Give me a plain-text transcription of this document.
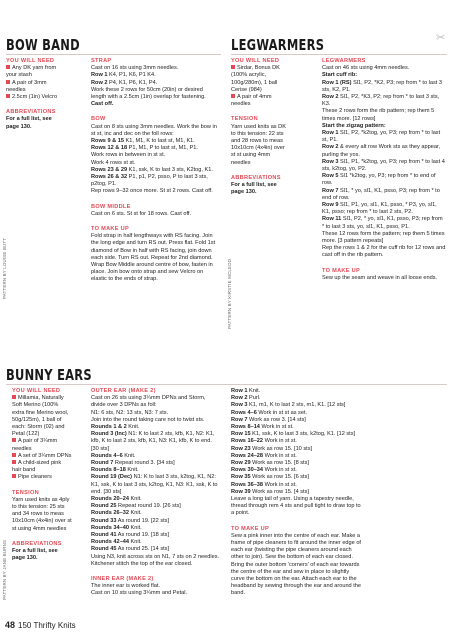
BOW BAND

YOU WILL NEED

Any DK yarn from your stash

A pair of 3mm needles

2.5cm (1in) Velcro

ABBREVIATIONS

For a full list, see page 130.

STRAP

Cast on 16 sts using 3mm needles.

Row 1 K4, P1, K6, P1 K4.

Row 2 P4, K1, P6, K1, P4.

Work these 2 rows for 50cm (20in) or desired length with a 2.5cm (1in) overlap for fastening.

Cast off.

BOW

Cast on 8 sts using 3mm needles. Work the bow in st st, inc and dec on the foll rows:

Rows 9 & 15 K1, M1, K to last st, M1, K1.

Rows 12 & 18 P1, M1, P to last st, M1, P1.

Work rows in between in st st.

Work 4 rows st st.

Rows 23 & 29 K1, ssk, K to last 3 sts, K2tog, K1.

Rows 26 & 32 P1, p1, P2, psso, P to last 3 sts, p2tog, P1.

Rep rows 9–32 once more. St st 2 rows. Cast off.

BOW MIDDLE

Cast on 6 sts. St st for 18 rows. Cast off.

TO MAKE UP

Fold strap in half lengthways with RS facing. Join the long edge and turn RS out. Press flat. Fold 1st diamond of Bow in half with RS facing, join down each side. Turn RS out. Repeat for 2nd diamond. Wrap Bow Middle around centre of bow, fasten in place. Join bow onto strap and sew Velcro on elastic to the ends of strap.

PATTERN BY LOUISE BUTT
LEGWARMERS

YOU WILL NEED

Sirdar, Bonus DK (100% acrylic, 100g/280m), 1 ball Cerise (984)

A pair of 4mm needles

TENSION

Yarn used knits as DK to this tension: 22 sts and 28 rows to meas 10x10cm (4x4in) over st st using 4mm needles

ABBREVIATIONS

For a full list, see page 130.

LEGWARMERS

Cast on 46 sts using 4mm needles.

Start cuff rib:

Row 1 (RS) Sl1, P2, *K2, P3; rep from * to last 3 sts, K2, P1.

Row 2 Sl1, P2, *K3, P2; rep from * to last 3 sts, K3.

These 2 rows form the rib pattern; rep them 5 times more. [12 rows]

Start the zigzag pattern:

Row 1 Sl1, P2, *k2tog, yo, P3; rep from * to last st, P1.

Row 2 & every alt row Work sts as they appear, purling the yos.

Row 3 Sl1, P1, *k2tog, yo, P3; rep from * to last 4 sts, k2tog, yo, P2.

Row 5 Sl1 *k2tog, yo, P3; rep from * to end of row.

Row 7 Sl1, * yo, sl1, K1, psso, P3; rep from * to end of row.

Row 9 Sl1, P1, yo, sl1, K1, psso, * P3, yo, sl1, K1, psso; rep from * to last 2 sts, P2.

Row 11 Sl1, P2, * yo, sl1, K1, psso, P3; rep from * to last 3 sts, yo, sl1, K1, psso, P1.

These 12 rows form the pattern; rep them 5 times more. [3 pattern repeats]

Rep the rows 1 & 2 for the cuff rib for 12 rows and cast off in the rib pattern.

TO MAKE UP

Sew up the seam and weave in all loose ends.

PATTERN BY KIRSTIE MCLEOD
✂
BUNNY EARS

YOU WILL NEED

Millamia, Naturally Soft Merino (100% extra fine Merino wool, 50g/125m), 1 ball of each: Storm (02) and Petal (122)

A pair of 3¼mm needles

A set of 3¼mm DPNs

A child-sized pink hair band

Pipe cleaners

TENSION

Yarn used knits as 4ply to this tension: 25 sts and 34 rows to meas 10x10cm (4x4in) over st st using 4mm needles

ABBREVIATIONS

For a full list, see page 130.

OUTER EAR (MAKE 2)

Cast on 26 sts using 3¼mm DPNs and Storm, divide over 3 DPNs as foll:

N1: 6 sts, N2: 13 sts, N3: 7 sts.

Join into the round taking care not to twist sts.

Rounds 1 & 2 Knit.

Round 3 (Inc) N1: K to last 2 sts, kfb, K1, N2: K1, kfb, K to last 2 sts, kfb, K1, N3: K1, kfb, K to end. [30 sts]

Rounds 4–6 Knit.

Round 7 Repeat round 3. [34 sts]

Rounds 8–18 Knit.

Round 19 (Dec) N1: K to last 3 sts, k2tog, K1, N2: K1, ssk, K to last 3 sts, k2tog, K1, N3: K1, ssk, K to end. [30 sts]

Rounds 20–24 Knit.

Round 25 Repeat round 19. [26 sts]

Rounds 26–32 Knit.

Round 33 As round 19. [22 sts]

Rounds 34–40 Knit.

Round 41 As round 19. [18 sts]

Rounds 42–44 Knit.

Round 45 As round 25. [14 sts]

Using N3, knit across sts on N1, 7 sts on 2 needles.

Kitchener stitch the top of the ear closed.

INNER EAR (MAKE 2)

The inner ear is worked flat.

Cast on 10 sts using 3¼mm and Petal.

Row 1 Knit.

Row 2 Purl.

Row 3 K1, m1, K to last 2 sts, m1, K1. [12 sts]

Rows 4–6 Work in st st as set.

Row 7 Work as row 3. [14 sts]

Rows 8–14 Work in st st.

Row 15 K1, ssk, K to last 3 sts, k2tog, K1. [12 sts]

Rows 16–22 Work in st st.

Row 23 Work as row 15. [10 sts]

Rows 24–28 Work in st st.

Row 29 Work as row 15. [8 sts]

Rows 30–34 Work in st st.

Row 35 Work as row 15. [6 sts]

Rows 36–38 Work in st st.

Row 39 Work as row 15. [4 sts]

Leave a long tail of yarn. Using a tapestry needle, thread through rem 4 sts and pull tight to draw top to a point.

TO MAKE UP

Sew a pink inner into the centre of each ear. Make a frame of pipe cleaners to fit around the inner edge of each ear (twisting the pipe cleaners around each other to join). Sew the bottom of each ear closed. Bring the outer bottom 'corners' of each ear towards the centre of the ear and sew in place to slightly curve the bottom on the ear. Attach each ear to the headband by sewing through the ear and around the band.

PATTERN BY JANE BURNS
48 150 Thrifty Knits
